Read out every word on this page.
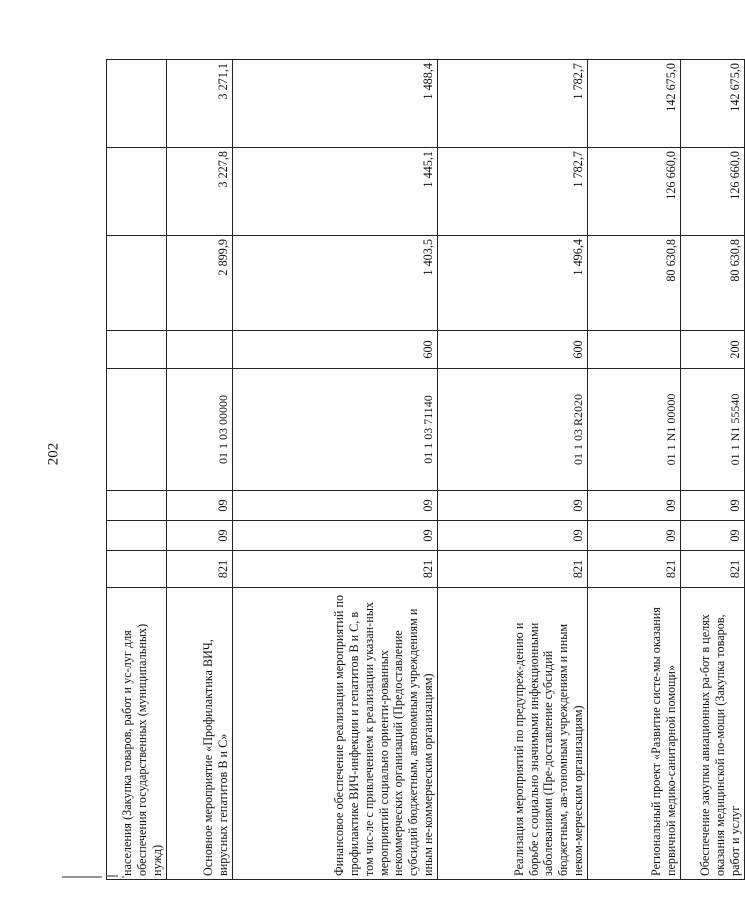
202
населения (Закупка товаров, работ и ус-луг для обеспечения государственных (муниципальных) нужд)								
Основное мероприятие «Профилактика ВИЧ, вирусных гепатитов В и С»	821	09	09	01 1 03 00000		2 899,9	3 227,8	3 271,1
Финансовое обеспечение реализации мероприятий по профилактике ВИЧ-инфекции и гепатитов В и С, в том чис-ле с привлечением к реализации указан-ных мероприятий социально ориенти-рованных некоммерческих организаций (Предоставление субсидий бюджетным, автономным учреждениям и иным не-коммерческим организациям)	821	09	09	01 1 03 71140	600	1 403,5	1 445,1	1 488,4
Реализация мероприятий по предупреж-дению и борьбе с социально значимыми инфекционными заболеваниями (Пре-доставление субсидий бюджетным, ав-тономным учреждениям и иным неком-мерческим организациям)	821	09	09	01 1 03 R2020	600	1 496,4	1 782,7	1 782,7
Региональный проект «Развитие систе-мы оказания первичной медико-санитарной помощи»	821	09	09	01 1 N1 00000		80 630,8	126 660,0	142 675,0
Обеспечение закупки авиационных ра-бот в целях оказания медицинской по-мощи (Закупка товаров, работ и услуг	821	09	09	01 1 N1 55540	200	80 630,8	126 660,0	142 675,0
